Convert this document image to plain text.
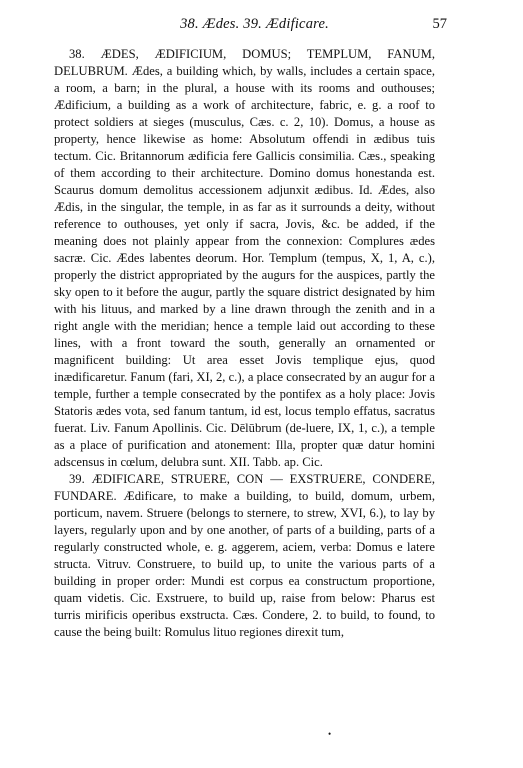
38. Ædes. 39. Ædificare.	57

38. ÆDES, ÆDIFICIUM, DOMUS; TEMPLUM, FANUM, DELUBRUM. Ædes, a building which, by walls, includes a certain space, a room, a barn; in the plural, a house with its rooms and outhouses; Ædificium, a building as a work of architecture, fabric, e. g. a roof to protect soldiers at sieges (musculus, Cæs. c. 2, 10). Domus, a house as property, hence likewise as home: Absolutum offendi in ædibus tuis tectum. Cic. Britannorum ædificia fere Gallicis consimilia. Cæs., speaking of them according to their architecture. Domino domus honestanda est. Scaurus domum demolitus accessionem adjunxit ædibus. Id. Ædes, also Ædis, in the singular, the temple, in as far as it surrounds a deity, without reference to outhouses, yet only if sacra, Jovis, &c. be added, if the meaning does not plainly appear from the connexion: Complures ædes sacræ. Cic. Ædes labentes deorum. Hor. Templum (tempus, X, 1, A, c.), properly the district appropriated by the augurs for the auspices, partly the sky open to it before the augur, partly the square district designated by him with his lituus, and marked by a line drawn through the zenith and in a right angle with the meridian; hence a temple laid out according to these lines, with a front toward the south, generally an ornamented or magnificent building: Ut area esset Jovis templique ejus, quod inædificaretur. Fanum (fari, XI, 2, c.), a place consecrated by an augur for a temple, further a temple consecrated by the pontifex as a holy place: Jovis Statoris ædes vota, sed fanum tantum, id est, locus templo effatus, sacratus fuerat. Liv. Fanum Apollinis. Cic. Dēlūbrum (de-luere, IX, 1, c.), a temple as a place of purification and atonement: Illa, propter quæ datur homini adscensus in cœlum, delubra sunt. XII. Tabb. ap. Cic.

39. ÆDIFICARE, STRUERE, CON — EXSTRUERE, CONDERE, FUNDARE. Ædificare, to make a building, to build, domum, urbem, porticum, navem. Struere (belongs to sternere, to strew, XVI, 6.), to lay by layers, regularly upon and by one another, of parts of a building, parts of a regularly constructed whole, e. g. aggerem, aciem, verba: Domus e latere structa. Vitruv. Construere, to build up, to unite the various parts of a building in proper order: Mundi est corpus ea constructum proportione, quam videtis. Cic. Exstruere, to build up, raise from below: Pharus est turris mirificis operibus exstructa. Cæs. Condere, 2. to build, to found, to cause the being built: Romulus lituo regiones direxit tum,

•
